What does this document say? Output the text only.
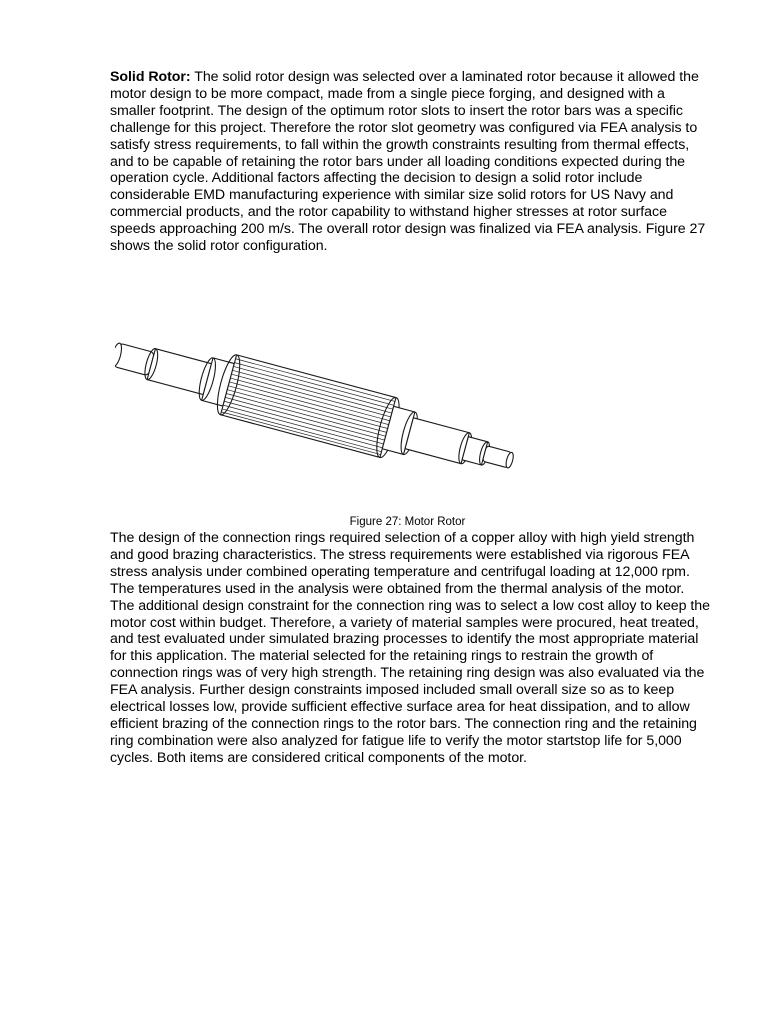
Solid Rotor: The solid rotor design was selected over a laminated rotor because it allowed the motor design to be more compact, made from a single piece forging, and designed with a smaller footprint. The design of the optimum rotor slots to insert the rotor bars was a specific challenge for this project. Therefore the rotor slot geometry was configured via FEA analysis to satisfy stress requirements, to fall within the growth constraints resulting from thermal effects, and to be capable of retaining the rotor bars under all loading conditions expected during the operation cycle. Additional factors affecting the decision to design a solid rotor include considerable EMD manufacturing experience with similar size solid rotors for US Navy and commercial products, and the rotor capability to withstand higher stresses at rotor surface speeds approaching 200 m/s. The overall rotor design was finalized via FEA analysis. Figure 27 shows the solid rotor configuration.

Figure 27: Motor Rotor

The design of the connection rings required selection of a copper alloy with high yield strength and good brazing characteristics. The stress requirements were established via rigorous FEA stress analysis under combined operating temperature and centrifugal loading at 12,000 rpm. The temperatures used in the analysis were obtained from the thermal analysis of the motor. The additional design constraint for the connection ring was to select a low cost alloy to keep the motor cost within budget. Therefore, a variety of material samples were procured, heat treated, and test evaluated under simulated brazing processes to identify the most appropriate material for this application. The material selected for the retaining rings to restrain the growth of connection rings was of very high strength. The retaining ring design was also evaluated via the FEA analysis. Further design constraints imposed included small overall size so as to keep electrical losses low, provide sufficient effective surface area for heat dissipation, and to allow efficient brazing of the connection rings to the rotor bars. The connection ring and the retaining ring combination were also analyzed for fatigue life to verify the motor startstop life for 5,000 cycles. Both items are considered critical components of the motor.
